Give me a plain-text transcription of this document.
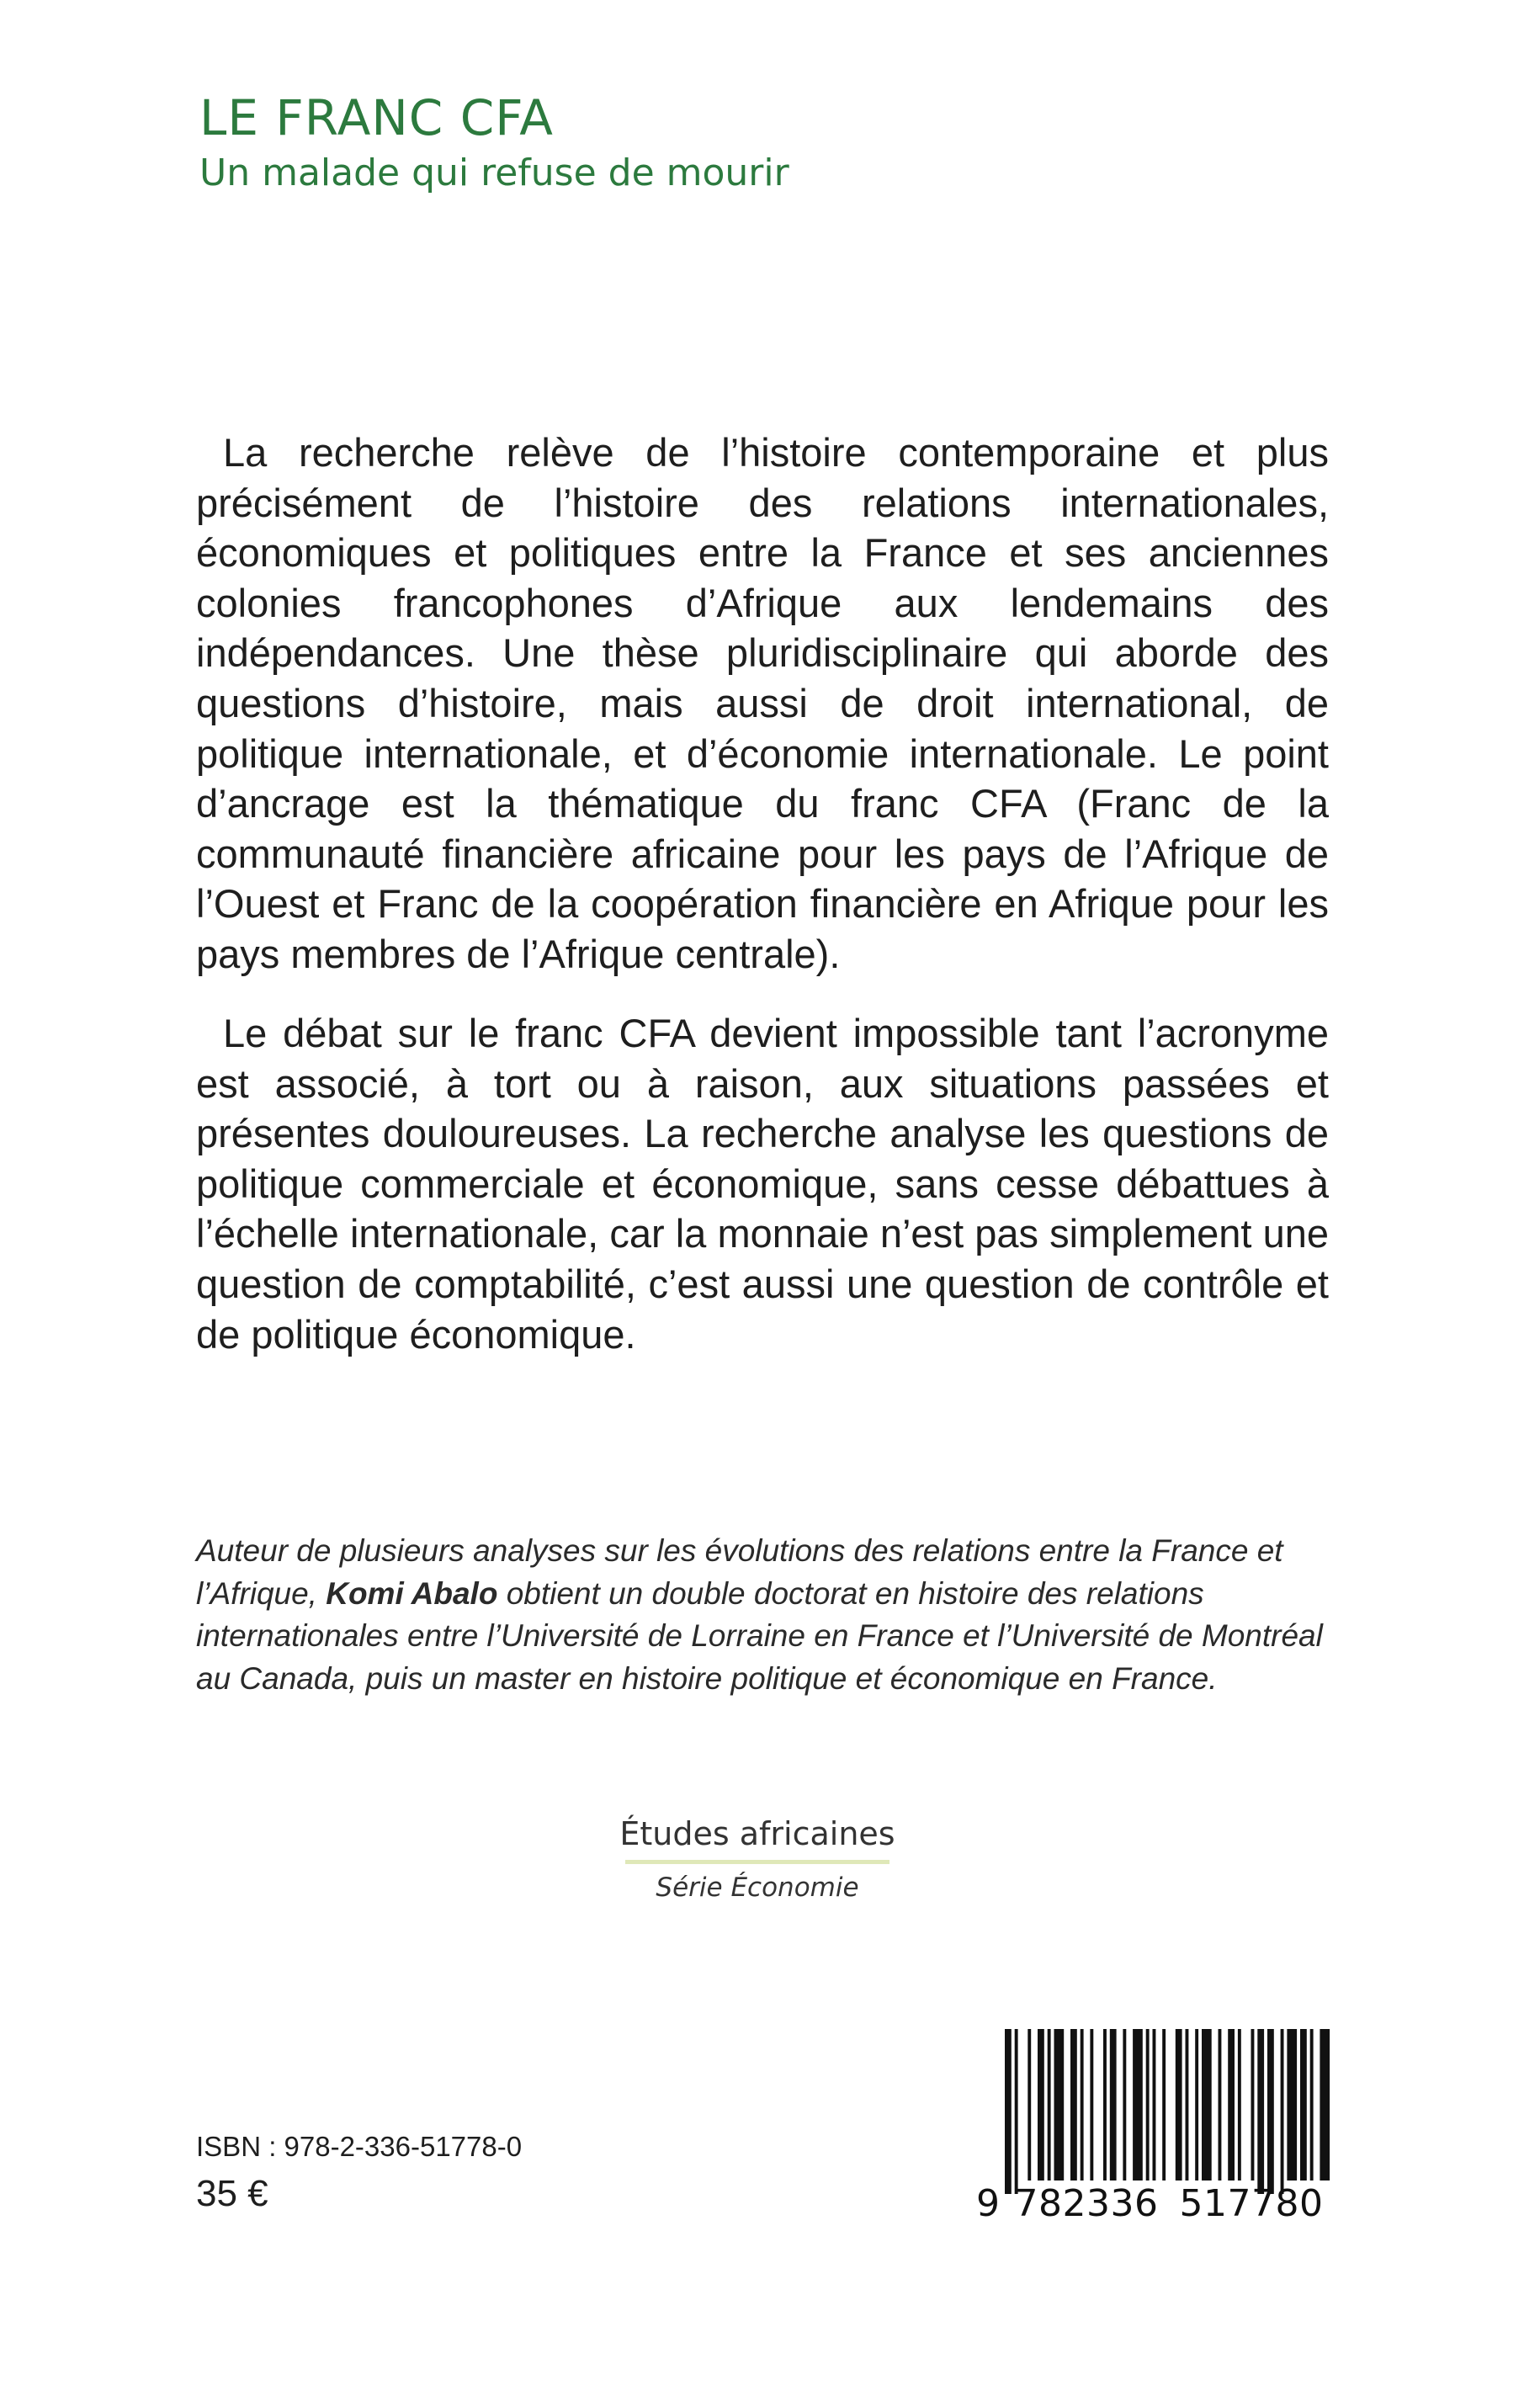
LE FRANC CFA
Un malade qui refuse de mourir

La recherche relève de l’histoire contemporaine et plus précisément de l’histoire des relations internationales, économiques et politiques entre la France et ses anciennes colonies francophones d’Afrique aux lendemains des indépendances. Une thèse pluridisciplinaire qui aborde des questions d’histoire, mais aussi de droit international, de politique internationale, et d’économie internationale. Le point d’ancrage est la thématique du franc CFA (Franc de la communauté financière africaine pour les pays de l’Afrique de l’Ouest et Franc de la coopération financière en Afrique pour les pays membres de l’Afrique centrale).

Le débat sur le franc CFA devient impossible tant l’acronyme est associé, à tort ou à raison, aux situations passées et présentes douloureuses. La recherche analyse les questions de politique commerciale et économique, sans cesse débattues à l’échelle internationale, car la monnaie n’est pas simplement une question de comptabilité, c’est aussi une question de contrôle et de politique économique.

Auteur de plusieurs analyses sur les évolutions des relations entre la France et l’Afrique, Komi Abalo obtient un double doctorat en histoire des relations internationales entre l’Université de Lorraine en France et l’Université de Montréal au Canada, puis un master en histoire politique et économique en France.

Études africaines
Série Économie

ISBN : 978-2-336-51778-0

35 €	9 782336 517780
